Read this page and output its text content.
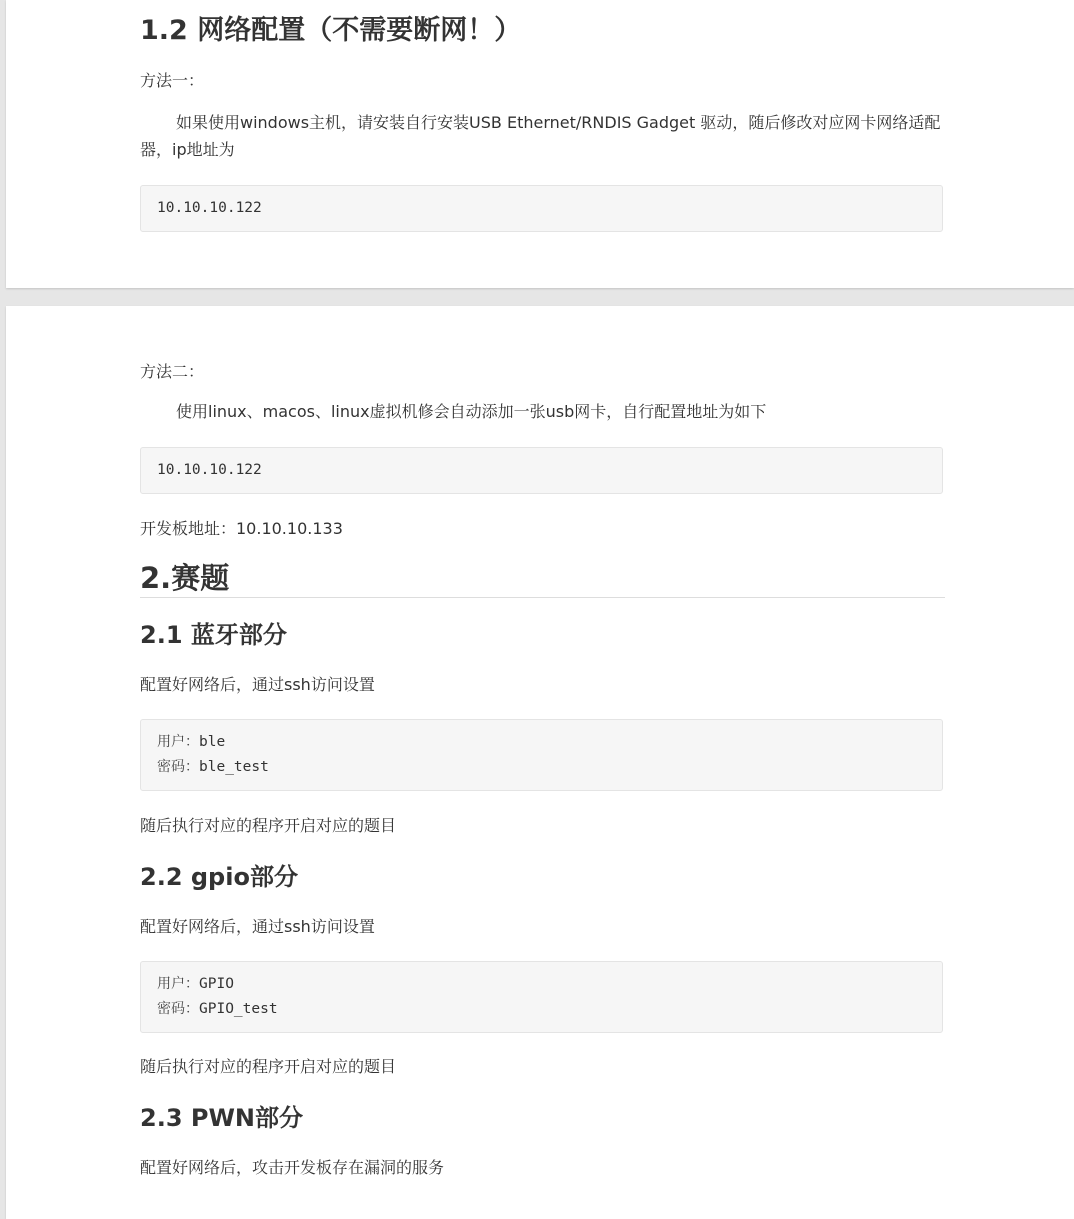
1.2 网络配置（不需要断网！）
方法一：
如果使用windows主机，请安装自行安装USB Ethernet/RNDIS Gadget 驱动，随后修改对应网卡网络适配器，ip地址为
10.10.10.122
方法二：
使用linux、macos、linux虚拟机修会自动添加一张usb网卡，自行配置地址为如下
10.10.10.122
开发板地址：10.10.10.133
2.赛题
2.1 蓝牙部分
配置好网络后，通过ssh访问设置
用户：ble
密码：ble_test
随后执行对应的程序开启对应的题目
2.2 gpio部分
配置好网络后，通过ssh访问设置
用户：GPIO
密码：GPIO_test
随后执行对应的程序开启对应的题目
2.3 PWN部分
配置好网络后，攻击开发板存在漏洞的服务
